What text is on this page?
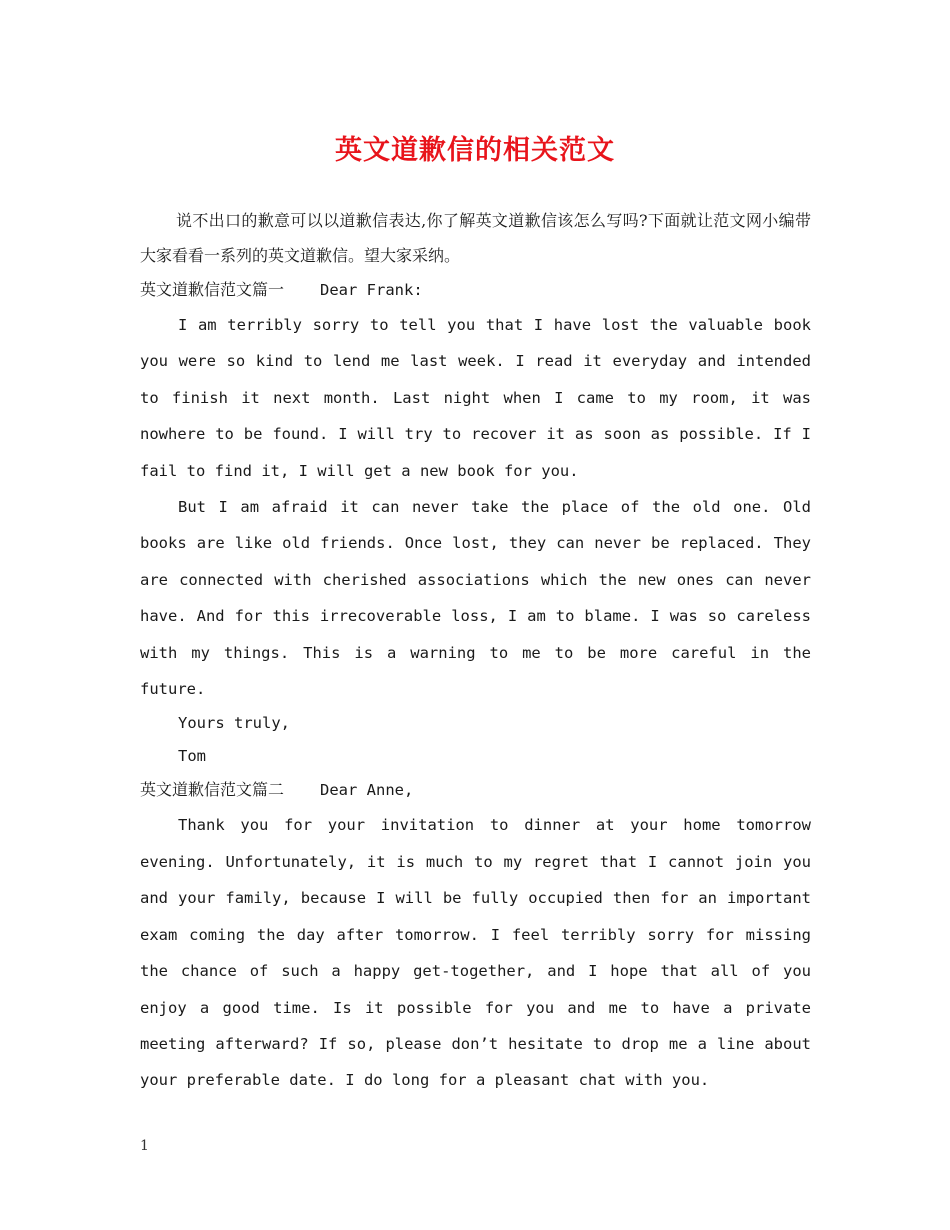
英文道歉信的相关范文

说不出口的歉意可以以道歉信表达,你了解英文道歉信该怎么写吗?下面就让范文网小编带大家看看一系列的英文道歉信。望大家采纳。

英文道歉信范文篇一 Dear Frank:

I am terribly sorry to tell you that I have lost the valuable book you were so kind to lend me last week. I read it everyday and intended to finish it next month. Last night when I came to my room, it was nowhere to be found. I will try to recover it as soon as possible. If I fail to find it, I will get a new book for you.

But I am afraid it can never take the place of the old one. Old books are like old friends. Once lost, they can never be replaced. They are connected with cherished associations which the new ones can never have. And for this irrecoverable loss, I am to blame. I was so careless with my things. This is a warning to me to be more careful in the future.

Yours truly,

Tom

英文道歉信范文篇二 Dear Anne,

Thank you for your invitation to dinner at your home tomorrow evening. Unfortunately, it is much to my regret that I cannot join you and your family, because I will be fully occupied then for an important exam coming the day after tomorrow. I feel terribly sorry for missing the chance of such a happy get-together, and I hope that all of you enjoy a good time. Is it possible for you and me to have a private meeting afterward? If so, please don’t hesitate to drop me a line about your preferable date. I do long for a pleasant chat with you.

1
